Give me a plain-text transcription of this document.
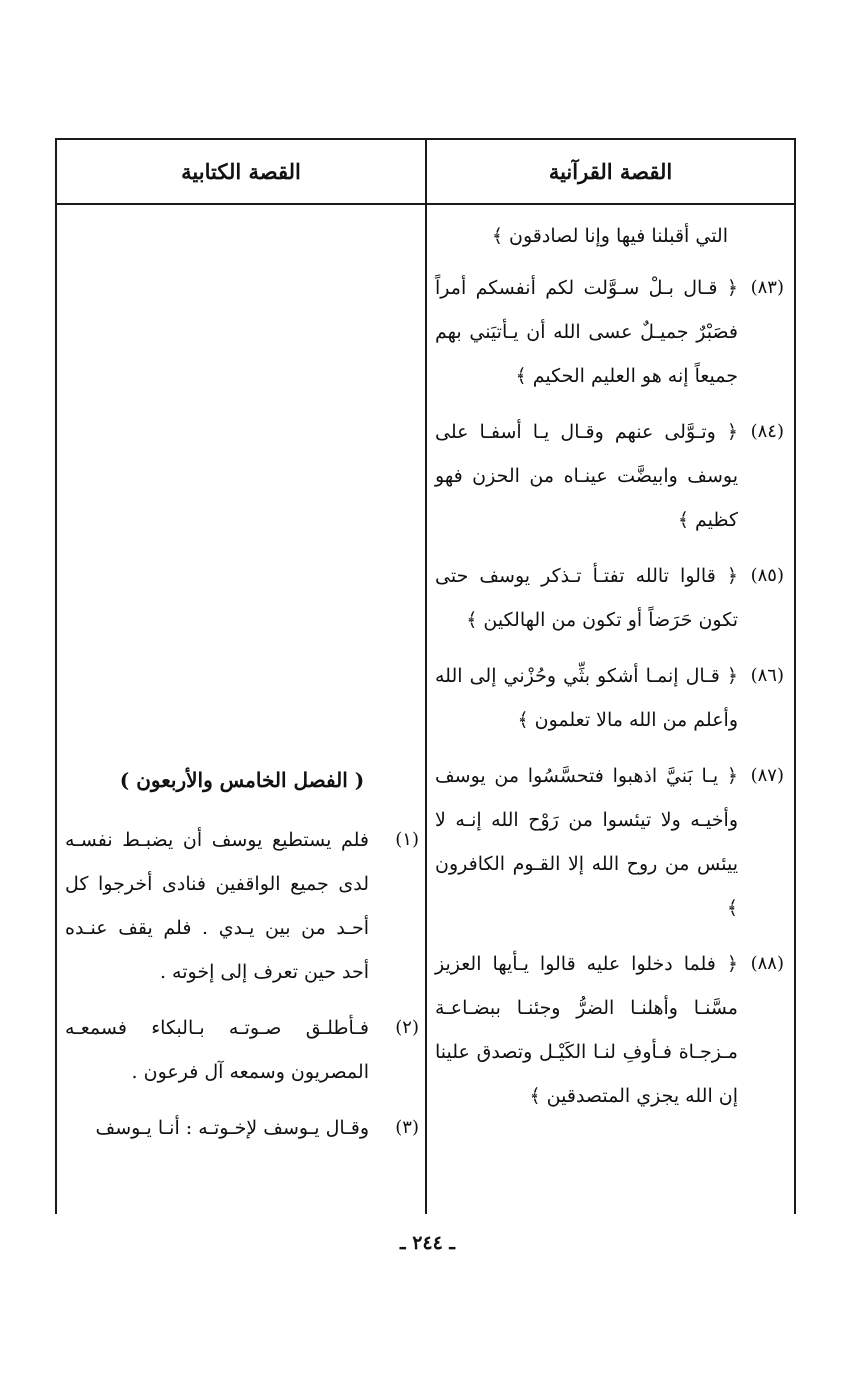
القصة القرآنية
القصة الكتابية
التي أقبلنا فيها وإنا لصادقون ﴾
(٨٣)
﴿ قـال بـلْ سـوَّلت لكم أنفسكم أمراً فصَبْرٌ جميـلٌ عسى الله أن يـأتيَني بهم جميعاً إنه هو العليم الحكيم ﴾
(٨٤)
﴿ وتـوَّلى عنهم وقـال يـا أسفـا على يوسف وابيضَّت عينـاه من الحزن فهو كظيم ﴾
(٨٥)
﴿ قالوا تالله تفتـأ تـذكر يوسف حتى تكون حَرَضاً أو تكون من الهالكين ﴾
(٨٦)
﴿ قـال إنمـا أشكو بثِّي وحُزْني إلى الله وأعلم من الله مالا تعلمون ﴾
(٨٧)
﴿ يـا بَنيَّ اذهبوا فتحسَّسُوا من يوسف وأخيـه ولا تيئسوا من رَوْح الله إنـه لا ييئس من روح الله إلا القـوم الكافرون ﴾
(٨٨)
﴿ فلما دخلوا عليه قالوا يـأيها العزيز مسَّنـا وأهلنـا الضرُّ وجئنـا ببضـاعـة مـزجـاة فـأوفِ لنـا الكَيْـل وتصدق علينا إن الله يجزي المتصدقين ﴾
( الفصل الخامس والأربعون )
(١)
فلم يستطيع يوسف أن يضبـط نفسـه لدى جميع الواقفين فنادى أخرجوا كل أحـد من بين يـدي . فلم يقف عنـده أحد حين تعرف إلى إخوته .
(٢)
فـأطلـق صـوتـه بـالبكاء فسمعـه المصريون وسمعه آل فرعون .
(٣)
وقـال يـوسف لإخـوتـه : أنـا يـوسف
ـ ٢٤٤ ـ
